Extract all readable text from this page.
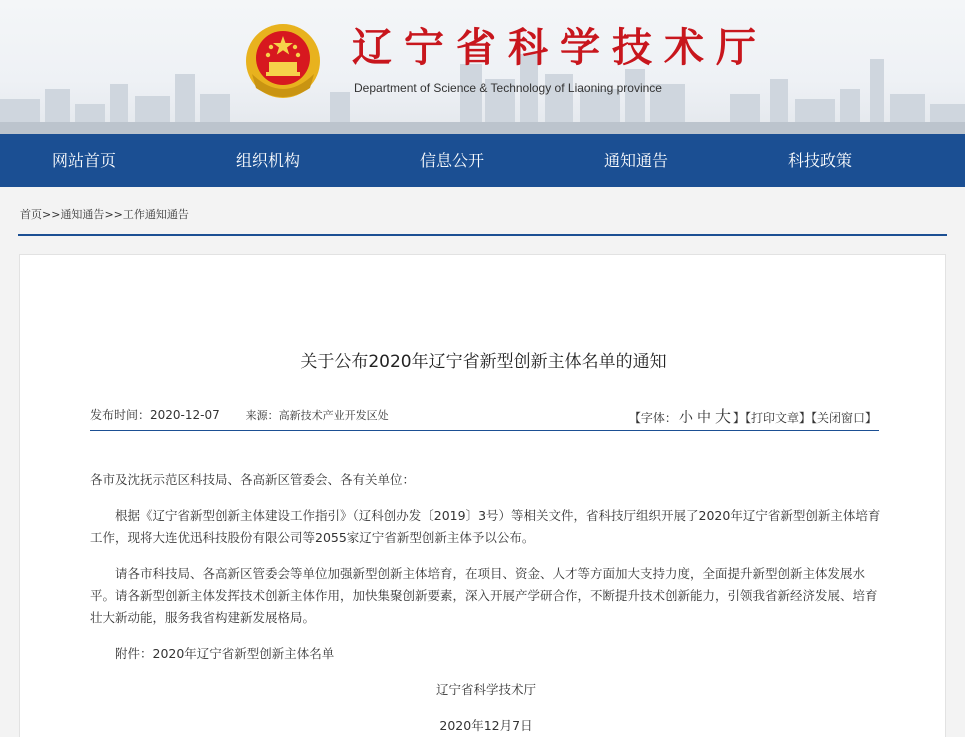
辽宁省科学技术厅
Department of Science & Technology of Liaoning province
网站首页	组织机构	信息公开	通知通告	科技政策
首页>>通知通告>>工作通知通告
关于公布2020年辽宁省新型创新主体名单的通知
发布时间：2020-12-07 来源：高新技术产业开发区处	【字体： 小 中 大 】【打印文章】【关闭窗口】

各市及沈抚示范区科技局、各高新区管委会、各有关单位：

根据《辽宁省新型创新主体建设工作指引》（辽科创办发〔2019〕3号）等相关文件，省科技厅组织开展了2020年辽宁省新型创新主体培育工作，现将大连优迅科技股份有限公司等2055家辽宁省新型创新主体予以公布。

请各市科技局、各高新区管委会等单位加强新型创新主体培育，在项目、资金、人才等方面加大支持力度，全面提升新型创新主体发展水平。请各新型创新主体发挥技术创新主体作用，加快集聚创新要素，深入开展产学研合作，不断提升技术创新能力，引领我省新经济发展、培育壮大新动能，服务我省构建新发展格局。

附件：2020年辽宁省新型创新主体名单

辽宁省科学技术厅

2020年12月7日
